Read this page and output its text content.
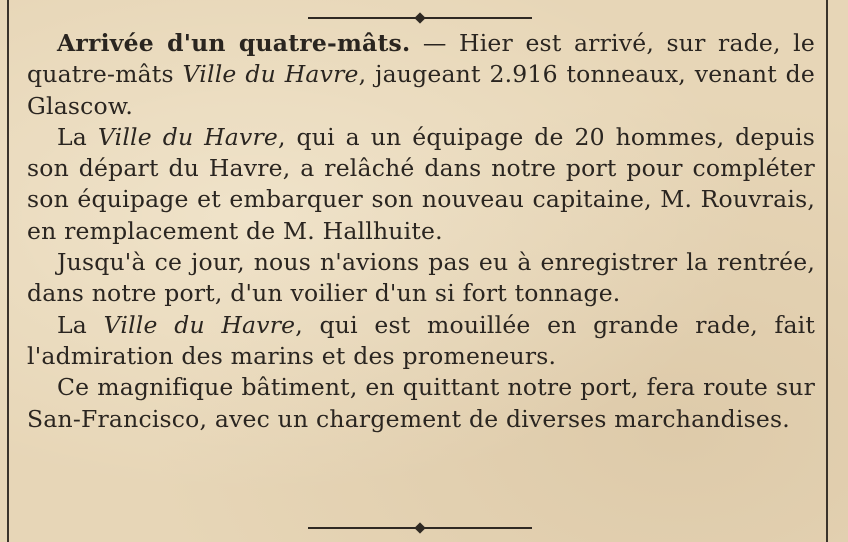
Arrivée d'un quatre-mâts. — Hier est arrivé, sur rade, le quatre-mâts Ville du Havre, jaugeant 2.916 tonneaux, venant de Glascow.

La Ville du Havre, qui a un équipage de 20 hommes, depuis son départ du Havre, a relâché dans notre port pour compléter son équipage et embarquer son nouveau capitaine, M. Rouvrais, en remplacement de M. Hallhuite.

Jusqu'à ce jour, nous n'avions pas eu à enregistrer la rentrée, dans notre port, d'un voilier d'un si fort tonnage.

La Ville du Havre, qui est mouillée en grande rade, fait l'admiration des marins et des promeneurs.

Ce magnifique bâtiment, en quittant notre port, fera route sur San-Francisco, avec un chargement de diverses marchandises.
